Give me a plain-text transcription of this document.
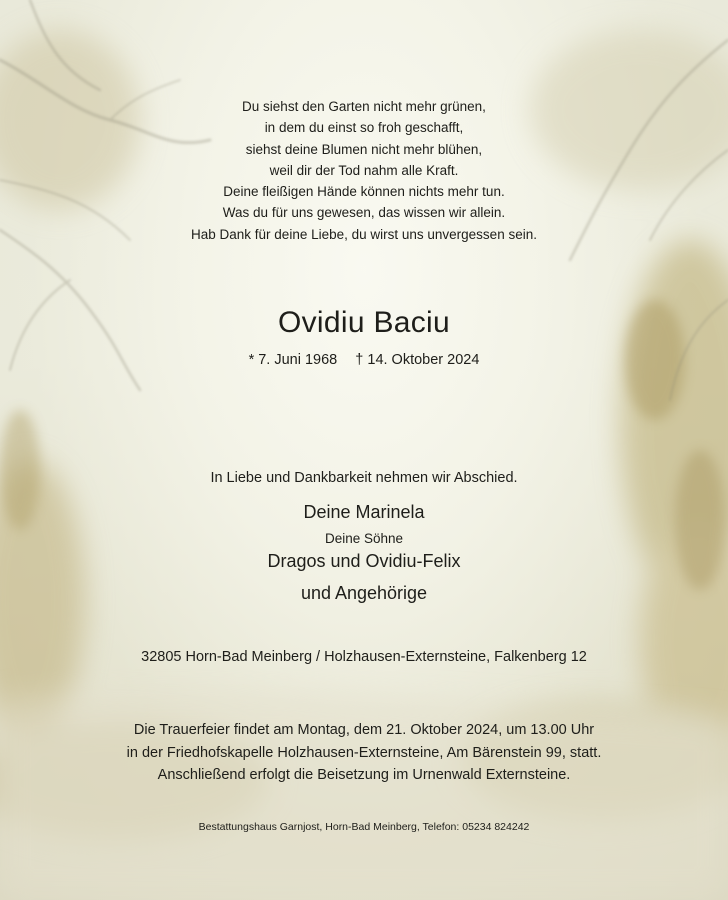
Du siehst den Garten nicht mehr grünen,
in dem du einst so froh geschafft,
siehst deine Blumen nicht mehr blühen,
weil dir der Tod nahm alle Kraft.
Deine fleißigen Hände können nichts mehr tun.
Was du für uns gewesen, das wissen wir allein.
Hab Dank für deine Liebe, du wirst uns unvergessen sein.
Ovidiu Baciu
* 7. Juni 1968 † 14. Oktober 2024
In Liebe und Dankbarkeit nehmen wir Abschied.
Deine Marinela
Deine Söhne
Dragos und Ovidiu-Felix
und Angehörige
32805 Horn-Bad Meinberg / Holzhausen-Externsteine, Falkenberg 12
Die Trauerfeier findet am Montag, dem 21. Oktober 2024, um 13.00 Uhr
in der Friedhofskapelle Holzhausen-Externsteine, Am Bärenstein 99, statt.
Anschließend erfolgt die Beisetzung im Urnenwald Externsteine.
Bestattungshaus Garnjost, Horn-Bad Meinberg, Telefon: 05234 824242
